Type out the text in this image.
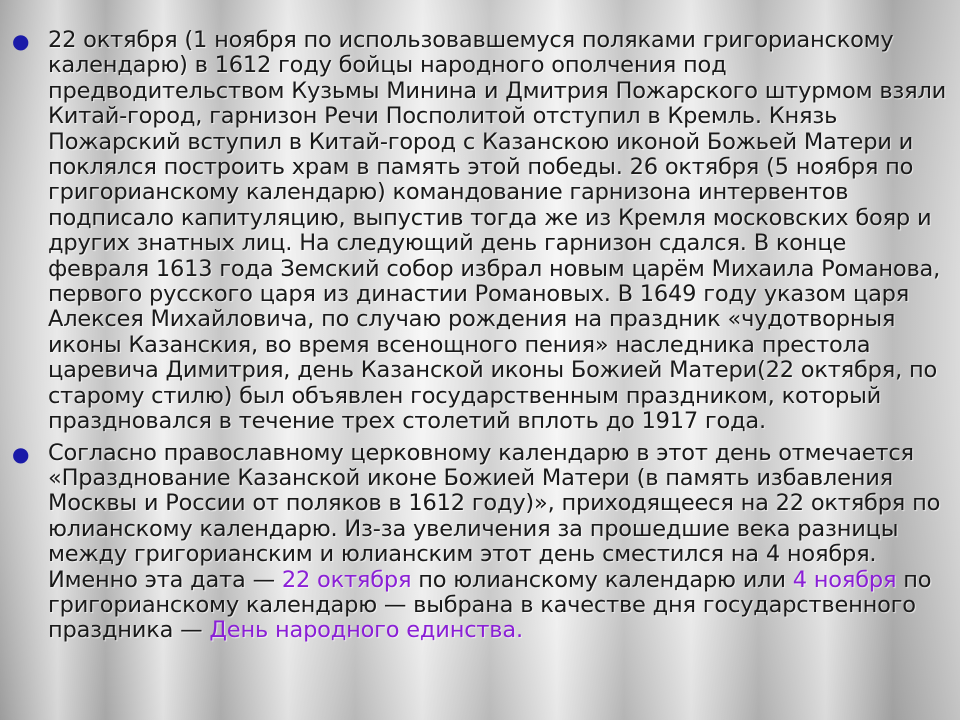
● 22 октября (1 ноября по использовавшемуся поляками григорианскому календарю) в 1612 году бойцы народного ополчения под предводительством Кузьмы Минина и Дмитрия Пожарского штурмом взяли Китай-город, гарнизон Речи Посполитой отступил в Кремль. Князь Пожарский вступил в Китай-город с Казанскою иконой Божьей Матери и поклялся построить храм в память этой победы. 26 октября (5 ноября по григорианскому календарю) командование гарнизона интервентов подписало капитуляцию, выпустив тогда же из Кремля московских бояр и других знатных лиц. На следующий день гарнизон сдался. В конце февраля 1613 года Земский собор избрал новым царём Михаила Романова, первого русского царя из династии Романовых. В 1649 году указом царя Алексея Михайловича, по случаю рождения на праздник «чудотворныя иконы Казанския, во время всенощного пения» наследника престола царевича Димитрия, день Казанской иконы Божией Матери(22 октября, по старому стилю) был объявлен государственным праздником, который праздновался в течение трех столетий вплоть до 1917 года.
● Согласно православному церковному календарю в этот день отмечается «Празднование Казанской иконе Божией Матери (в память избавления Москвы и России от поляков в 1612 году)», приходящееся на 22 октября по юлианскому календарю. Из-за увеличения за прошедшие века разницы между григорианским и юлианским этот день сместился на 4 ноября. Именно эта дата — 22 октября по юлианскому календарю или 4 ноября по григорианскому календарю — выбрана в качестве дня государственного праздника — День народного единства.
